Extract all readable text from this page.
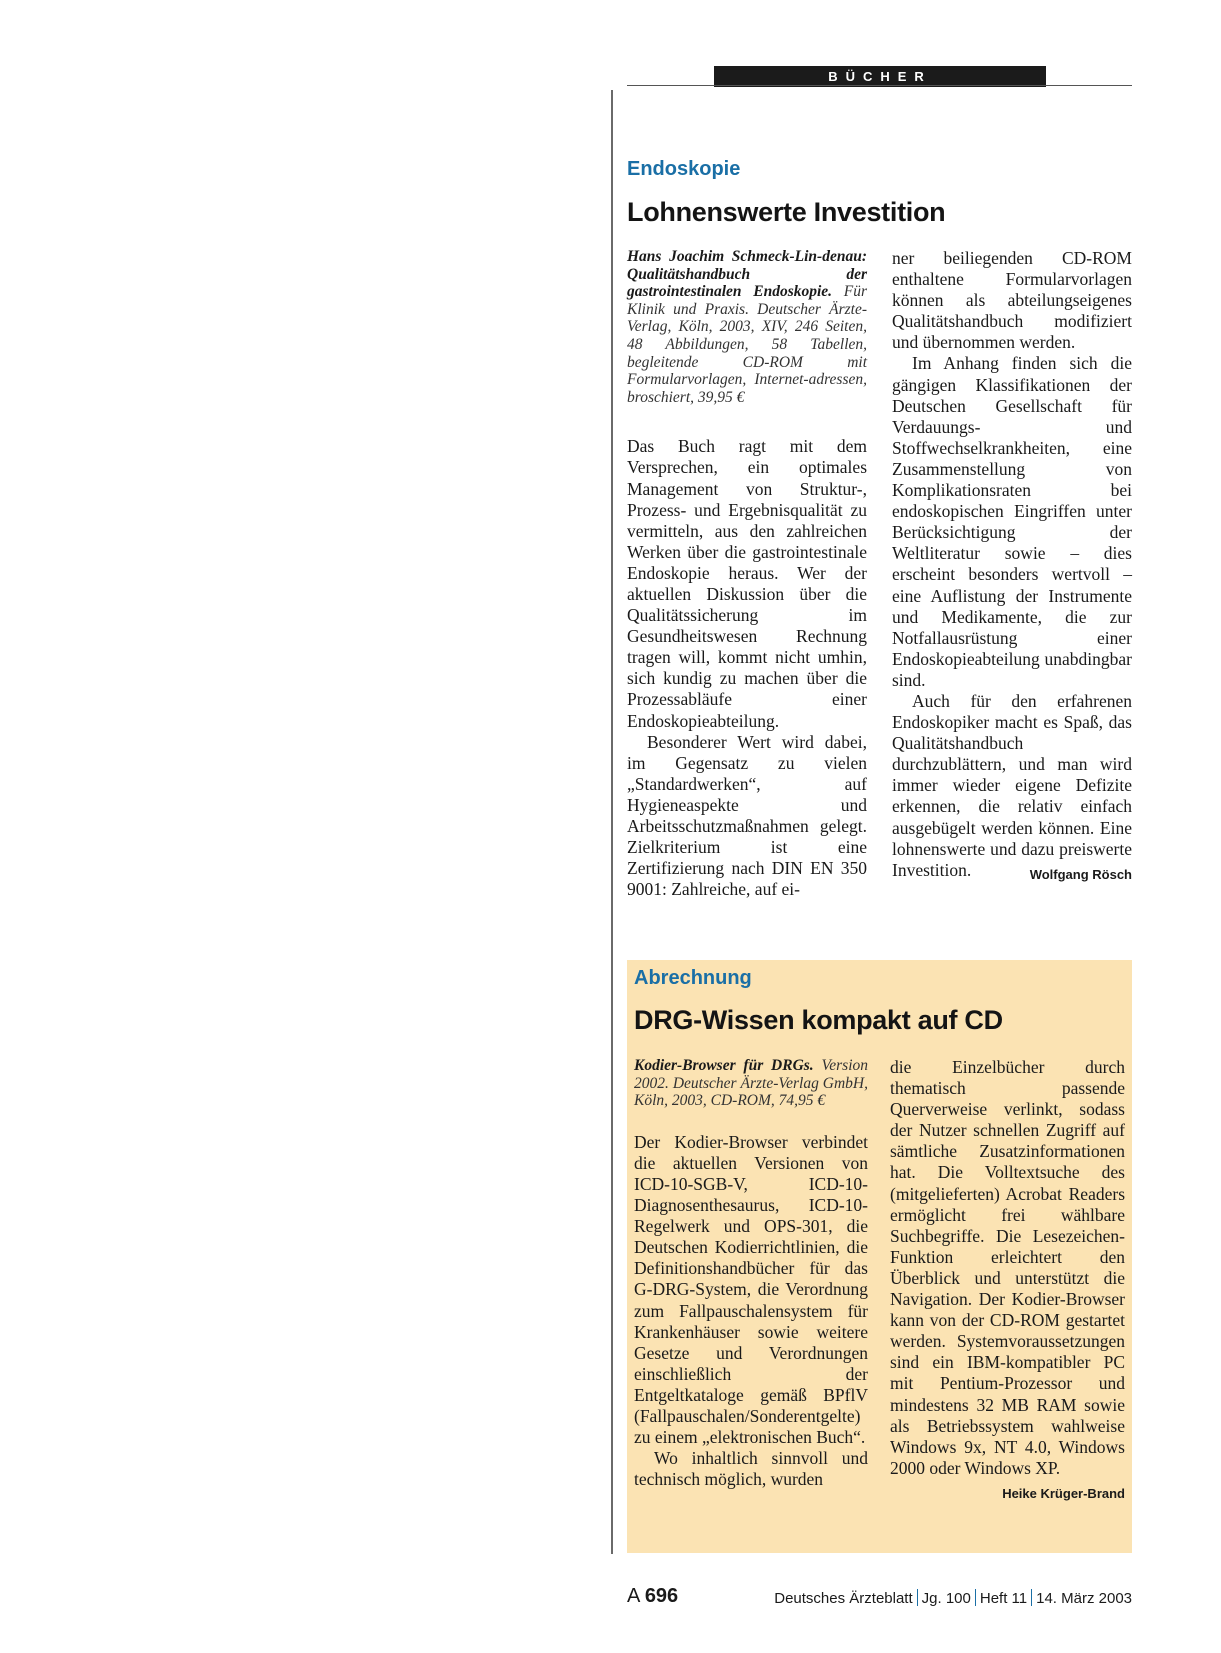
BÜCHER
Endoskopie
Lohnenswerte Investition

Hans Joachim Schmeck-Lin-denau: Qualitätshandbuch der gastrointestinalen Endoskopie. Für Klinik und Praxis. Deutscher Ärzte-Verlag, Köln, 2003, XIV, 246 Seiten, 48 Abbildungen, 58 Tabellen, begleitende CD-ROM mit Formularvorlagen, Internet-adressen, broschiert, 39,95 €

Das Buch ragt mit dem Versprechen, ein optimales Management von Struktur-, Prozess- und Ergebnisqualität zu vermitteln, aus den zahlreichen Werken über die gastrointestinale Endoskopie heraus. Wer der aktuellen Diskussion über die Qualitätssicherung im Gesundheitswesen Rechnung tragen will, kommt nicht umhin, sich kundig zu machen über die Prozessabläufe einer Endoskopieabteilung.

Besonderer Wert wird dabei, im Gegensatz zu vielen „Standardwerken“, auf Hygieneaspekte und Arbeitsschutzmaßnahmen gelegt. Zielkriterium ist eine Zertifizierung nach DIN EN 350 9001: Zahlreiche, auf ei-

ner beiliegenden CD-ROM enthaltene Formularvorlagen können als abteilungseigenes Qualitätshandbuch modifiziert und übernommen werden.

Im Anhang finden sich die gängigen Klassifikationen der Deutschen Gesellschaft für Verdauungs- und Stoffwechselkrankheiten, eine Zusammenstellung von Komplikationsraten bei endoskopischen Eingriffen unter Berücksichtigung der Weltliteratur sowie – dies erscheint besonders wertvoll – eine Auflistung der Instrumente und Medikamente, die zur Notfallausrüstung einer Endoskopieabteilung unabdingbar sind.

Auch für den erfahrenen Endoskopiker macht es Spaß, das Qualitätshandbuch durchzublättern, und man wird immer wieder eigene Defizite erkennen, die relativ einfach ausgebügelt werden können. Eine lohnenswerte und dazu preiswerte Investition.	Wolfgang Rösch

Abrechnung
DRG-Wissen kompakt auf CD

Kodier-Browser für DRGs. Version 2002. Deutscher Ärzte-Verlag GmbH, Köln, 2003, CD-ROM, 74,95 €

Der Kodier-Browser verbindet die aktuellen Versionen von ICD-10-SGB-V, ICD-10-Diagnosenthesaurus, ICD-10-Regelwerk und OPS-301, die Deutschen Kodierrichtlinien, die Definitionshandbücher für das G-DRG-System, die Verordnung zum Fallpauschalensystem für Krankenhäuser sowie weitere Gesetze und Verordnungen einschließlich der Entgeltkataloge gemäß BPflV (Fallpauschalen/Sonderentgelte) zu einem „elektronischen Buch“.

Wo inhaltlich sinnvoll und technisch möglich, wurden

die Einzelbücher durch thematisch passende Querverweise verlinkt, sodass der Nutzer schnellen Zugriff auf sämtliche Zusatzinformationen hat. Die Volltextsuche des (mitgelieferten) Acrobat Readers ermöglicht frei wählbare Suchbegriffe. Die Lesezeichen-Funktion erleichtert den Überblick und unterstützt die Navigation. Der Kodier-Browser kann von der CD-ROM gestartet werden. Systemvoraussetzungen sind ein IBM-kompatibler PC mit Pentium-Prozessor und mindestens 32 MB RAM sowie als Betriebssystem wahlweise Windows 9x, NT 4.0, Windows 2000 oder Windows XP.
Heike Krüger-Brand

A 696	Deutsches Ärzteblatt Jg. 100 Heft 11 14. März 2003
